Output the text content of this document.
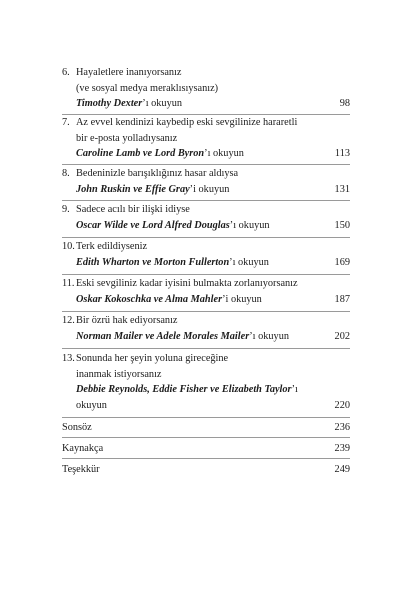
6. Hayaletlere inanıyorsanız
(ve sosyal medya meraklısıysanız)
Timothy Dexter’ı okuyun	98
7. Az evvel kendinizi kaybedip eski sevgilinize hararetli
bir e-posta yolladıysanız
Caroline Lamb ve Lord Byron’ı okuyun	113
8. Bedeninizle barışıklığınız hasar aldıysa
John Ruskin ve Effie Gray’i okuyun	131
9. Sadece acılı bir ilişki idiyse
Oscar Wilde ve Lord Alfred Douglas’ı okuyun	150
10. Terk edildiyseniz
Edith Wharton ve Morton Fullerton’ı okuyun	169
11. Eski sevgiliniz kadar iyisini bulmakta zorlanıyorsanız
Oskar Kokoschka ve Alma Mahler’i okuyun	187
12. Bir özrü hak ediyorsanız
Norman Mailer ve Adele Morales Mailer’ı okuyun	202
13. Sonunda her şeyin yoluna gireceğine
inanmak istiyorsanız
Debbie Reynolds, Eddie Fisher ve Elizabeth Taylor’ı
okuyun	220
Sonsöz	236
Kaynakça	239
Teşekkür	249
